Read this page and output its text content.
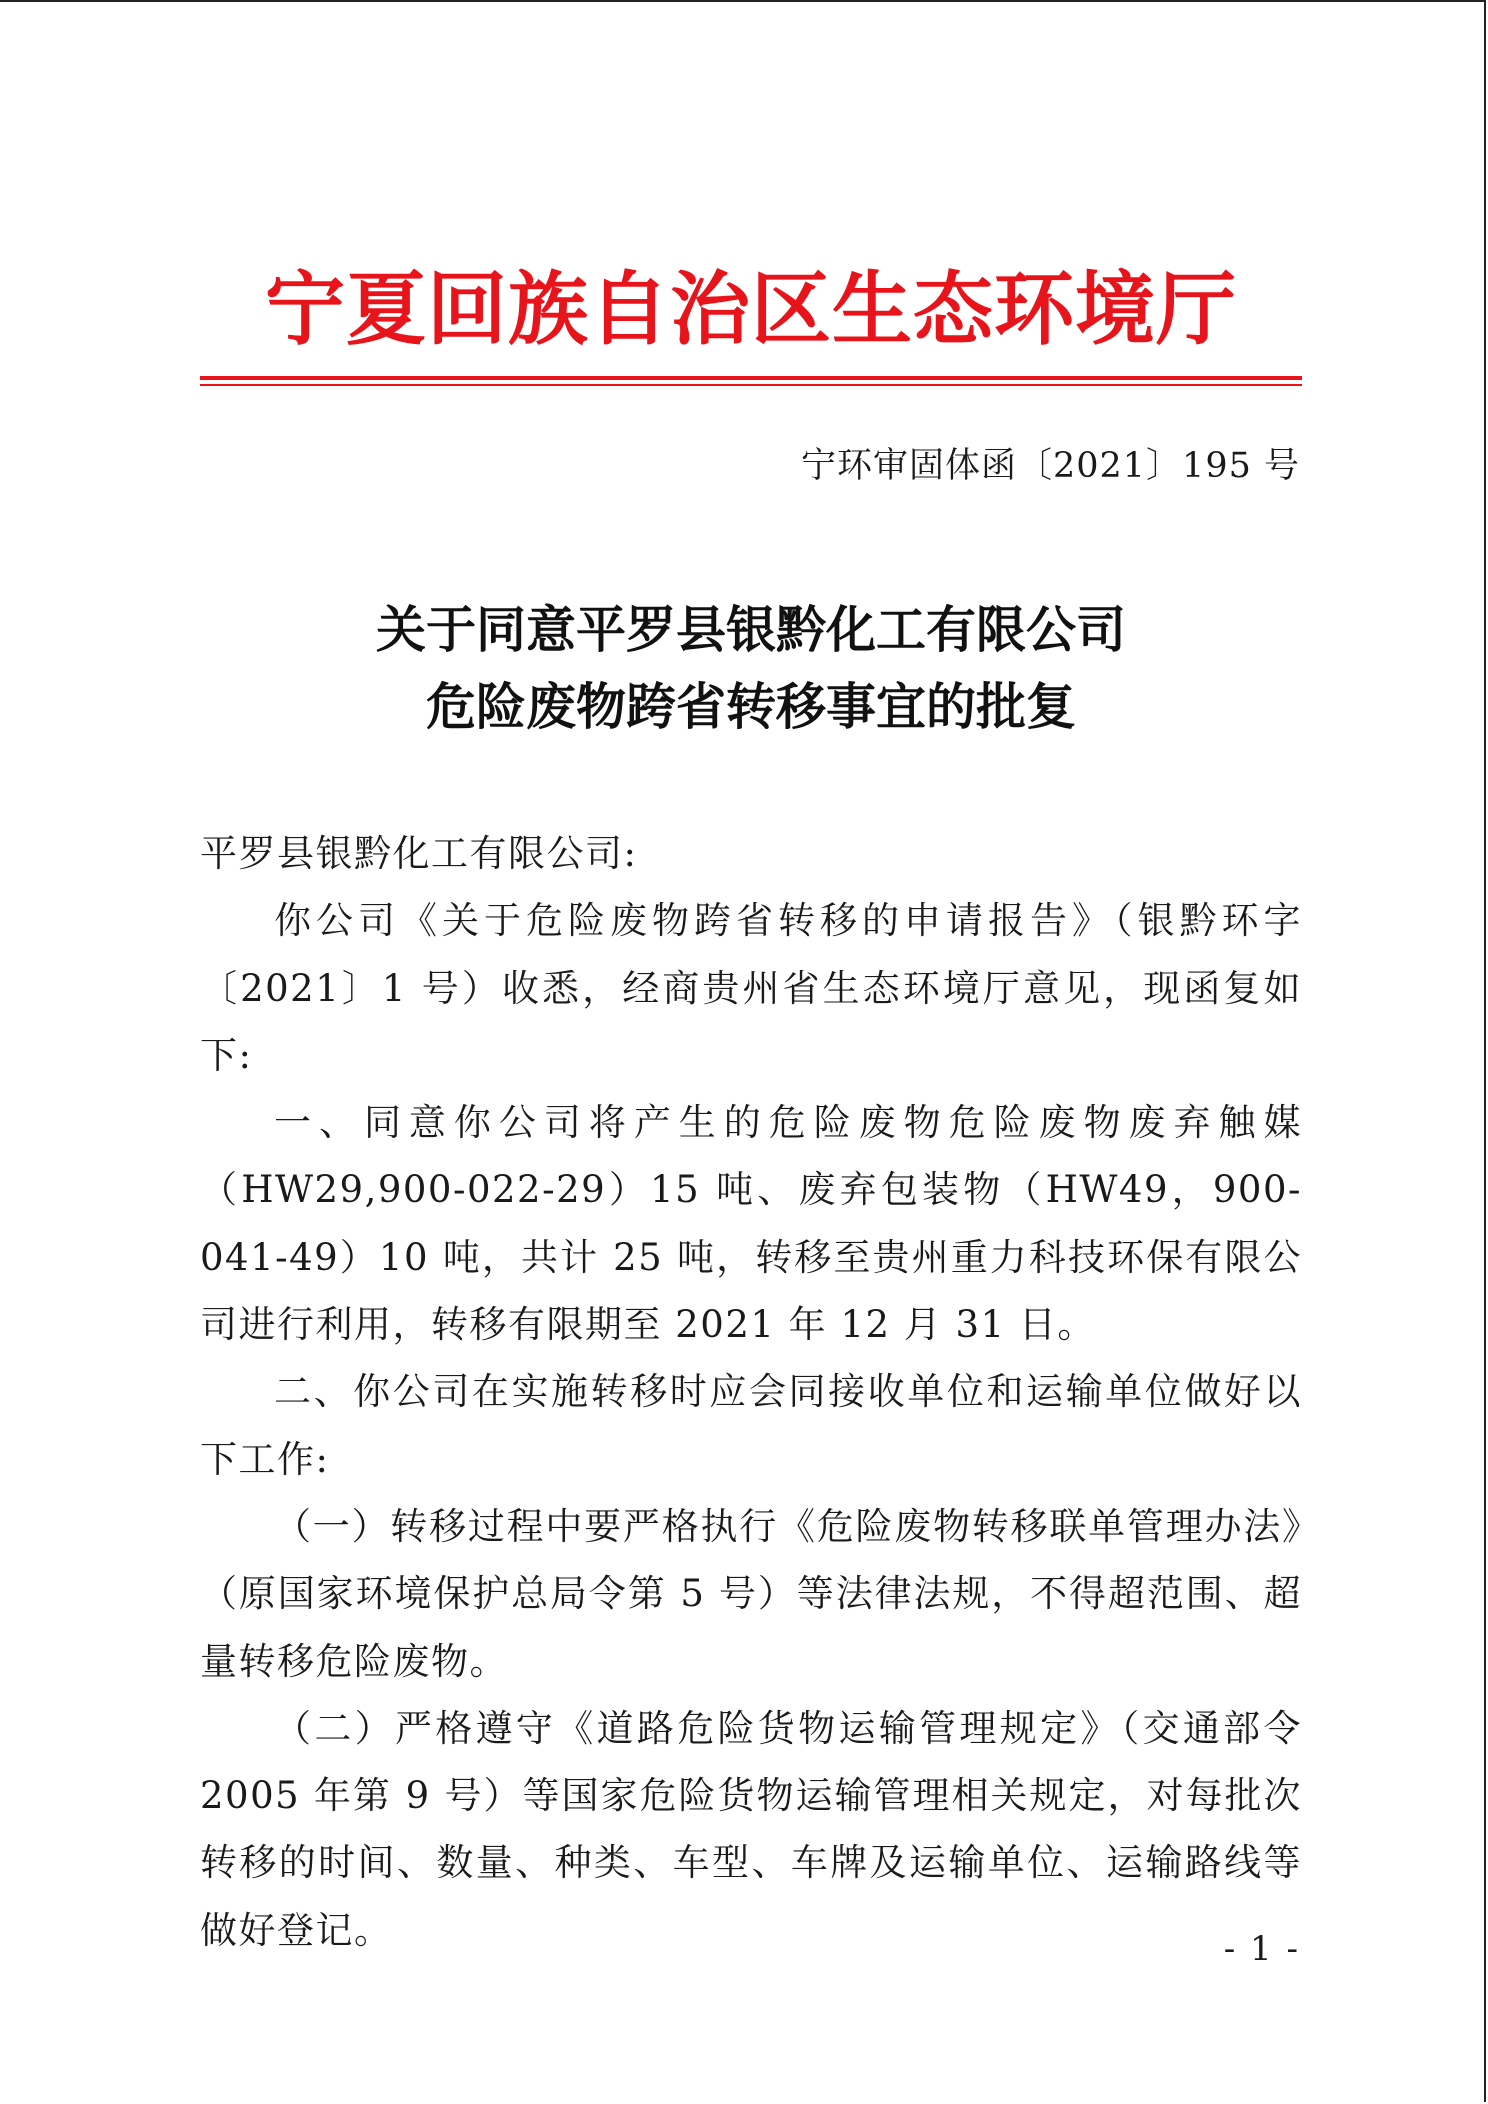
宁夏回族自治区生态环境厅
宁环审固体函〔2021〕195 号
关于同意平罗县银黔化工有限公司
危险废物跨省转移事宜的批复

平罗县银黔化工有限公司:

你公司《关于危险废物跨省转移的申请报告》（银黔环字〔2021〕1 号）收悉，经商贵州省生态环境厅意见，现函复如下:

一、同意你公司将产生的危险废物危险废物废弃触媒（HW29,900-022-29）15 吨、废弃包装物（HW49，900-041-49）10 吨，共计 25 吨，转移至贵州重力科技环保有限公司进行利用，转移有限期至 2021 年 12 月 31 日。

二、你公司在实施转移时应会同接收单位和运输单位做好以下工作:

（一）转移过程中要严格执行《危险废物转移联单管理办法》（原国家环境保护总局令第 5 号）等法律法规，不得超范围、超量转移危险废物。

（二）严格遵守《道路危险货物运输管理规定》（交通部令 2005 年第 9 号）等国家危险货物运输管理相关规定，对每批次转移的时间、数量、种类、车型、车牌及运输单位、运输路线等做好登记。	- 1 -
